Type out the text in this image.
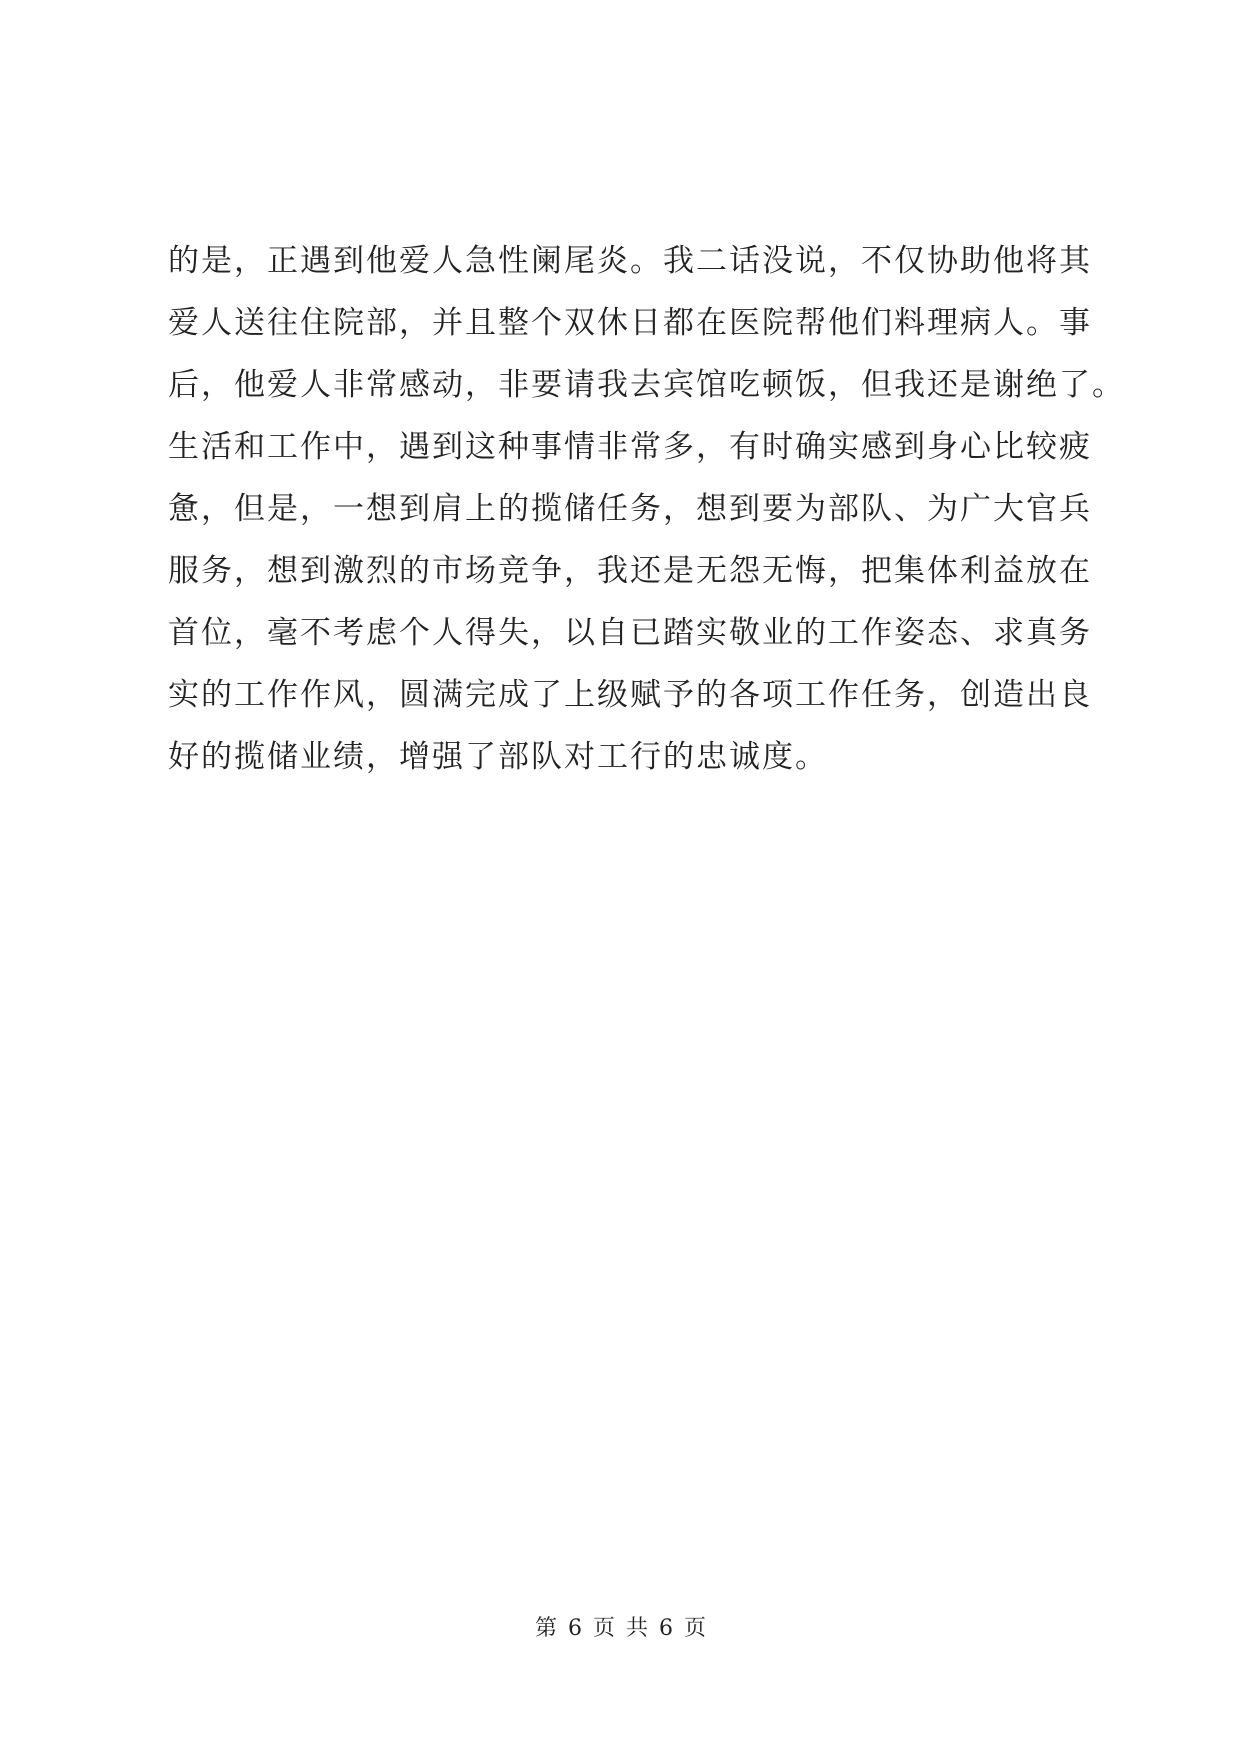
的是，正遇到他爱人急性阑尾炎。我二话没说，不仅协助他将其
爱人送往住院部，并且整个双休日都在医院帮他们料理病人。事
后，他爱人非常感动，非要请我去宾馆吃顿饭，但我还是谢绝了。
生活和工作中，遇到这种事情非常多，有时确实感到身心比较疲
惫，但是，一想到肩上的揽储任务，想到要为部队、为广大官兵
服务，想到激烈的市场竞争，我还是无怨无悔，把集体利益放在
首位，毫不考虑个人得失，以自已踏实敬业的工作姿态、求真务
实的工作作风，圆满完成了上级赋予的各项工作任务，创造出良
好的揽储业绩，增强了部队对工行的忠诚度。
第 6 页 共 6 页
